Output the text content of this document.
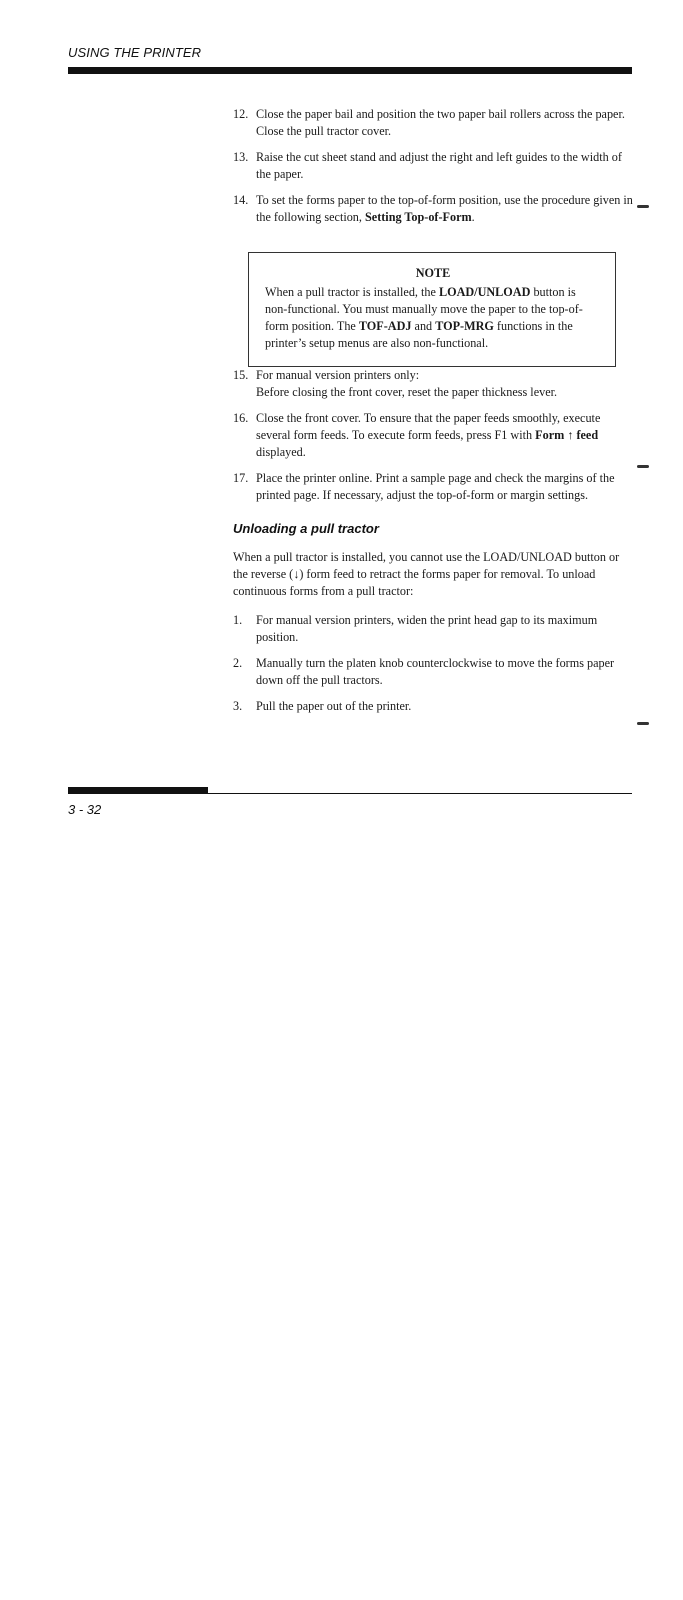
USING THE PRINTER
12. Close the paper bail and position the two paper bail rollers across the paper. Close the pull tractor cover.
13. Raise the cut sheet stand and adjust the right and left guides to the width of the paper.
14. To set the forms paper to the top-of-form position, use the procedure given in the following section, Setting Top-of-Form.
NOTE

When a pull tractor is installed, the LOAD/UNLOAD button is non-functional. You must manually move the paper to the top-of-form position. The TOF-ADJ and TOP-MRG functions in the printer’s setup menus are also non-functional.

15. For manual version printers only:
Before closing the front cover, reset the paper thickness lever.
16. Close the front cover. To ensure that the paper feeds smoothly, execute several form feeds. To execute form feeds, press F1 with Form ↑ feed displayed.
17. Place the printer online. Print a sample page and check the margins of the printed page. If necessary, adjust the top-of-form or margin settings.
Unloading a pull tractor

When a pull tractor is installed, you cannot use the LOAD/UNLOAD button or the reverse (↓) form feed to retract the forms paper for removal. To unload continuous forms from a pull tractor:

1. For manual version printers, widen the print head gap to its maximum position.
2. Manually turn the platen knob counterclockwise to move the forms paper down off the pull tractors.
3. Pull the paper out of the printer.
3 - 32
